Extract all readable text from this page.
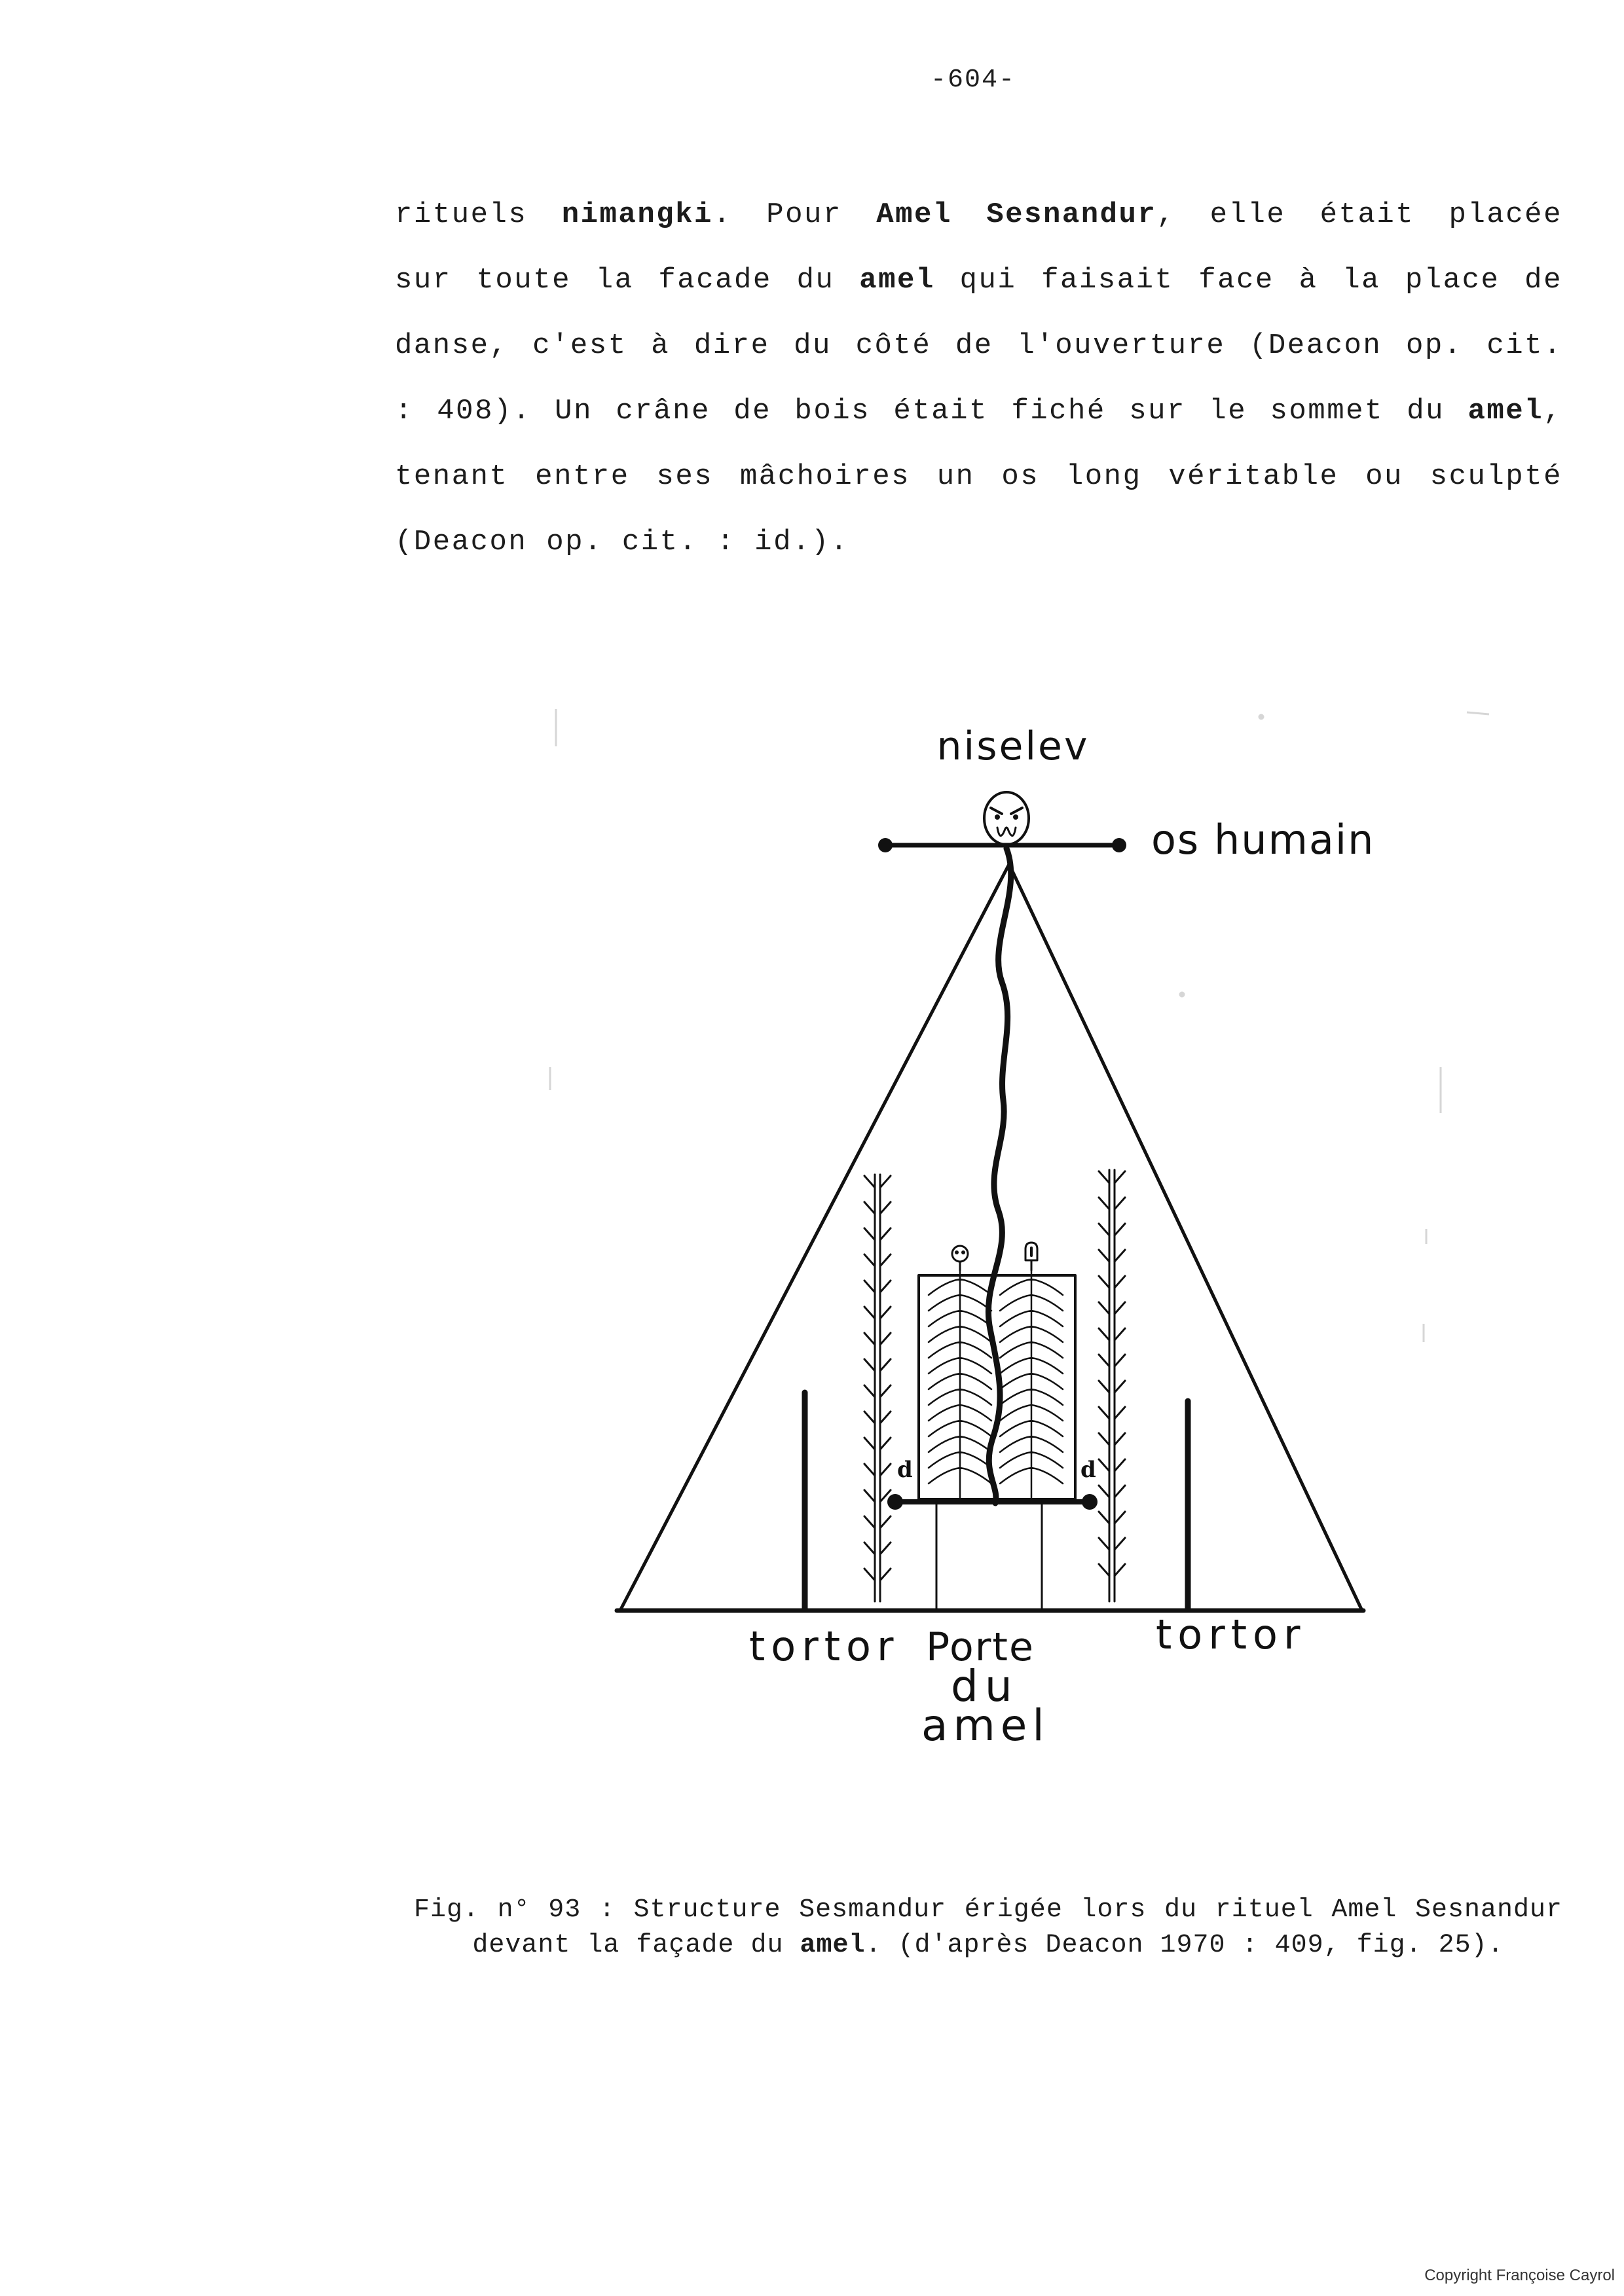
-604-
rituels nimangki. Pour Amel Sesnandur, elle était placée
sur toute la facade du amel qui faisait face à la place de
danse, c'est à dire du côté de l'ouverture (Deacon op. cit.
: 408). Un crâne de bois était fiché sur le sommet du amel,
tenant entre ses mâchoires un os long véritable ou sculpté
(Deacon op. cit. : id.).
niselev
os humain
d	d
tortor Porte
du
amel
tortor
Fig. n° 93 : Structure Sesmandur érigée lors du rituel Amel Sesnandur
devant la façade du amel. (d'après Deacon 1970 : 409, fig. 25).
Copyright Françoise Cayrol
